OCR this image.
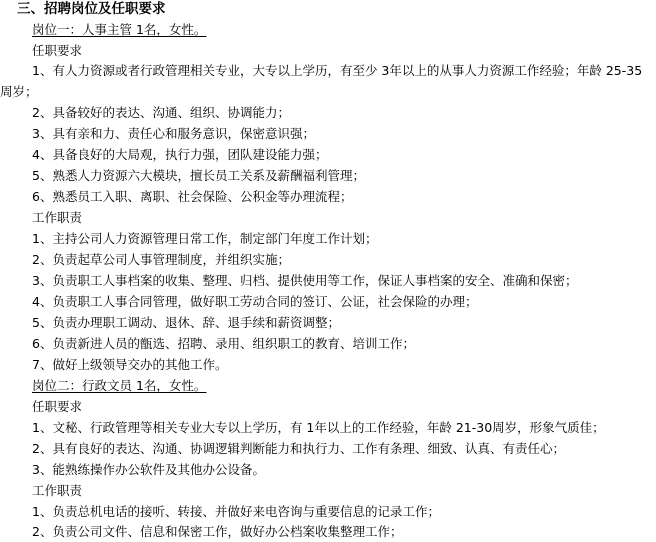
三、招聘岗位及任职要求
岗位一：人事主管 1名，女性。
任职要求
1、有人力资源或者行政管理相关专业，大专以上学历，有至少 3年以上的从事人力资源工作经验；年龄 25-35周岁；
2、具备较好的表达、沟通、组织、协调能力；
3、具有亲和力、责任心和服务意识，保密意识强；
4、具备良好的大局观，执行力强，团队建设能力强；
5、熟悉人力资源六大模块，擅长员工关系及薪酬福利管理；
6、熟悉员工入职、离职、社会保险、公积金等办理流程；
工作职责
1、主持公司人力资源管理日常工作，制定部门年度工作计划；
2、负责起草公司人事管理制度，并组织实施；
3、负责职工人事档案的收集、整理、归档、提供使用等工作，保证人事档案的安全、准确和保密；
4、负责职工人事合同管理，做好职工劳动合同的签订、公证，社会保险的办理；
5、负责办理职工调动、退休、辞、退手续和薪资调整；
6、负责新进人员的甑选、招聘、录用、组织职工的教育、培训工作；
7、做好上级领导交办的其他工作。
岗位二：行政文员 1名，女性。
任职要求
1、文秘、行政管理等相关专业大专以上学历，有 1年以上的工作经验，年龄 21-30周岁，形象气质佳；
2、具有良好的表达、沟通、协调逻辑判断能力和执行力、工作有条理、细致、认真、有责任心；
3、能熟练操作办公软件及其他办公设备。
工作职责
1、负责总机电话的接听、转接、并做好来电咨询与重要信息的记录工作；
2、负责公司文件、信息和保密工作，做好办公档案收集整理工作；
